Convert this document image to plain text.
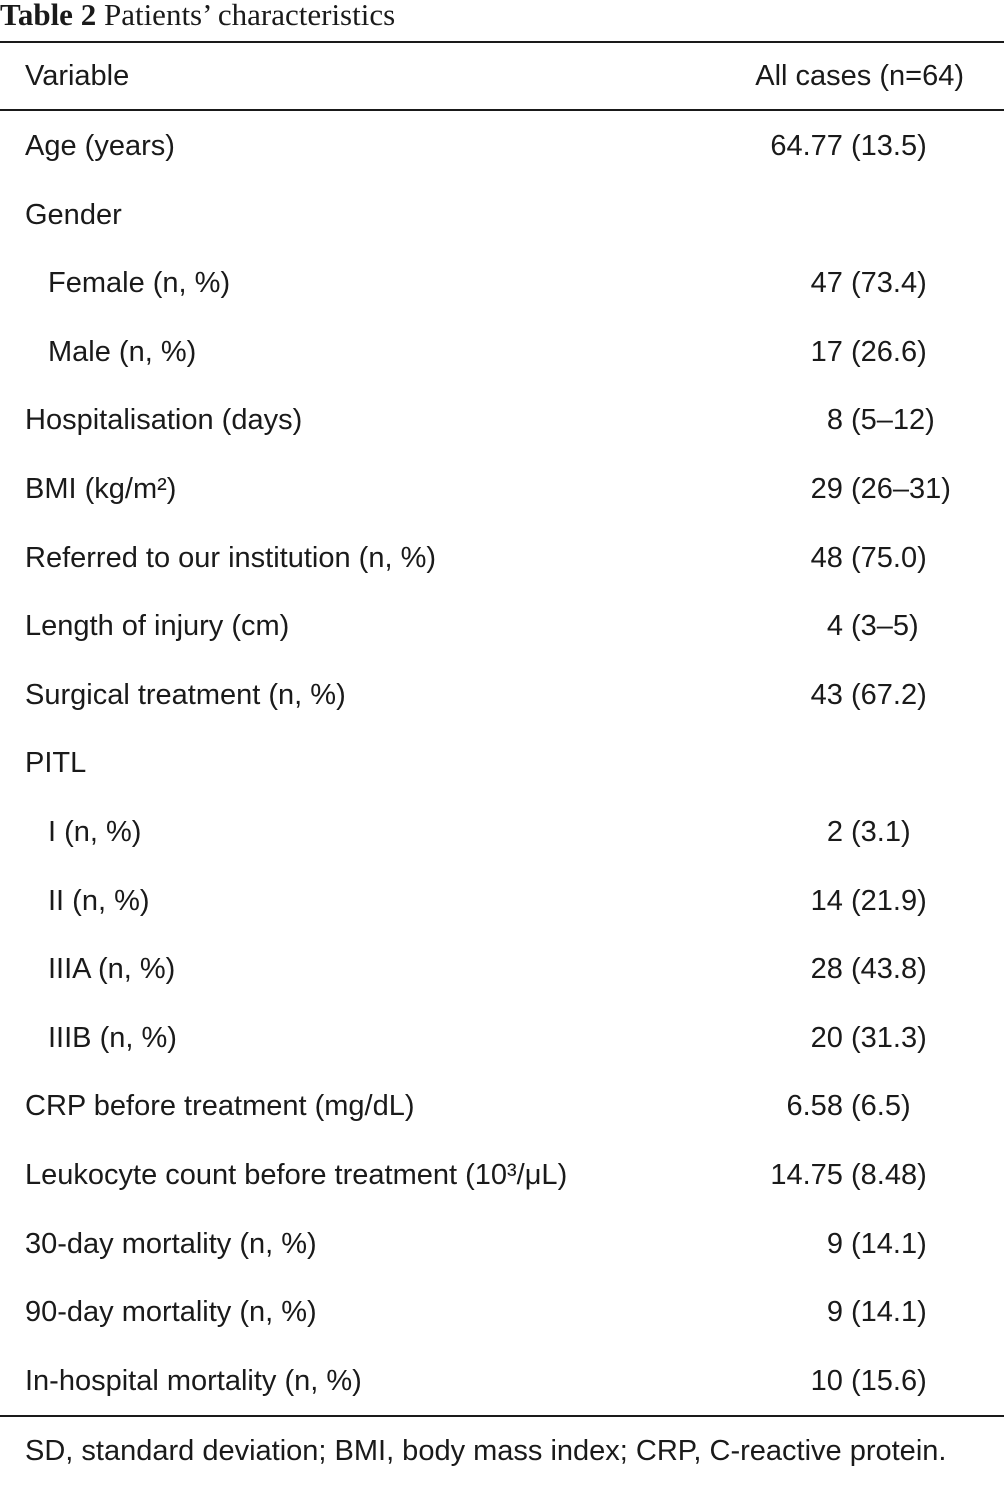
Table 2 Patients’ characteristics
Variable	All cases (n=64)
Age (years)	64.77 (13.5)
Gender
Female (n, %)	47 (73.4)
Male (n, %)	17 (26.6)
Hospitalisation (days)	8 (5–12)
BMI (kg/m²)	29 (26–31)
Referred to our institution (n, %)	48 (75.0)
Length of injury (cm)	4 (3–5)
Surgical treatment (n, %)	43 (67.2)
PITL
I (n, %)	2 (3.1)
II (n, %)	14 (21.9)
IIIA (n, %)	28 (43.8)
IIIB (n, %)	20 (31.3)
CRP before treatment (mg/dL)	6.58 (6.5)
Leukocyte count before treatment (10³/μL)	14.75 (8.48)
30-day mortality (n, %)	9 (14.1)
90-day mortality (n, %)	9 (14.1)
In-hospital mortality (n, %)	10 (15.6)
SD, standard deviation; BMI, body mass index; CRP, C-reactive protein.
